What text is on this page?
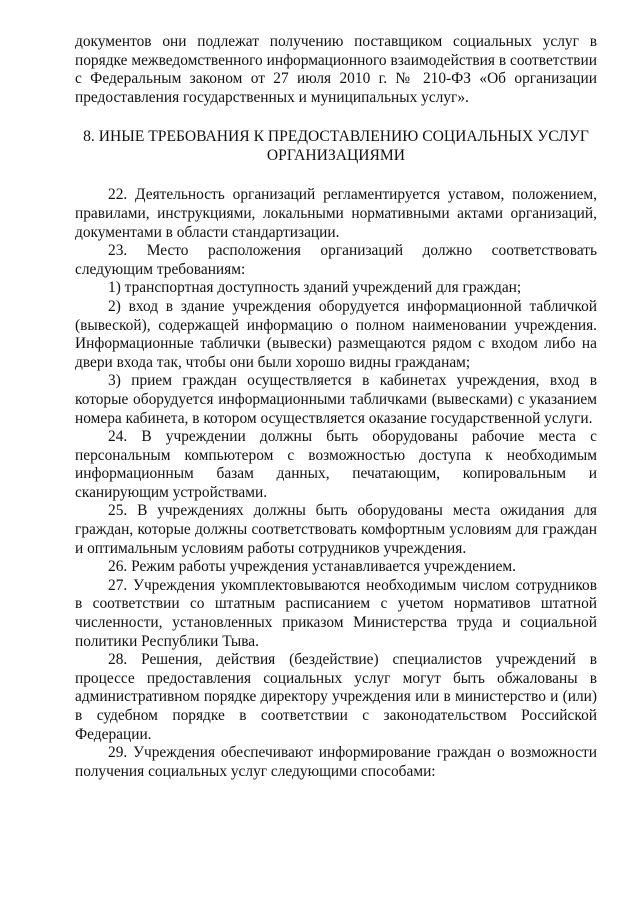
документов они подлежат получению поставщиком социальных услуг в порядке межведомственного информационного взаимодействия в соответствии с Федеральным законом от 27 июля 2010 г. № 210-ФЗ «Об организации предоставления государственных и муниципальных услуг».

8. ИНЫЕ ТРЕБОВАНИЯ К ПРЕДОСТАВЛЕНИЮ СОЦИАЛЬНЫХ УСЛУГ
ОРГАНИЗАЦИЯМИ

22. Деятельность организаций регламентируется уставом, положением, правилами, инструкциями, локальными нормативными актами организаций, документами в области стандартизации.

23. Место расположения организаций должно соответствовать следующим требованиям:

1) транспортная доступность зданий учреждений для граждан;

2) вход в здание учреждения оборудуется информационной табличкой (вывеской), содержащей информацию о полном наименовании учреждения. Информационные таблички (вывески) размещаются рядом с входом либо на двери входа так, чтобы они были хорошо видны гражданам;

3) прием граждан осуществляется в кабинетах учреждения, вход в которые оборудуется информационными табличками (вывесками) с указанием номера кабинета, в котором осуществляется оказание государственной услуги.

24. В учреждении должны быть оборудованы рабочие места с персональным компьютером с возможностью доступа к необходимым информационным базам данных, печатающим, копировальным и сканирующим устройствами.

25. В учреждениях должны быть оборудованы места ожидания для граждан, которые должны соответствовать комфортным условиям для граждан и оптимальным условиям работы сотрудников учреждения.

26. Режим работы учреждения устанавливается учреждением.

27. Учреждения укомплектовываются необходимым числом сотрудников в соответствии со штатным расписанием с учетом нормативов штатной численности, установленных приказом Министерства труда и социальной политики Республики Тыва.

28. Решения, действия (бездействие) специалистов учреждений в процессе предоставления социальных услуг могут быть обжалованы в административном порядке директору учреждения или в министерство и (или) в судебном порядке в соответствии с законодательством Российской Федерации.

29. Учреждения обеспечивают информирование граждан о возможности получения социальных услуг следующими способами:
